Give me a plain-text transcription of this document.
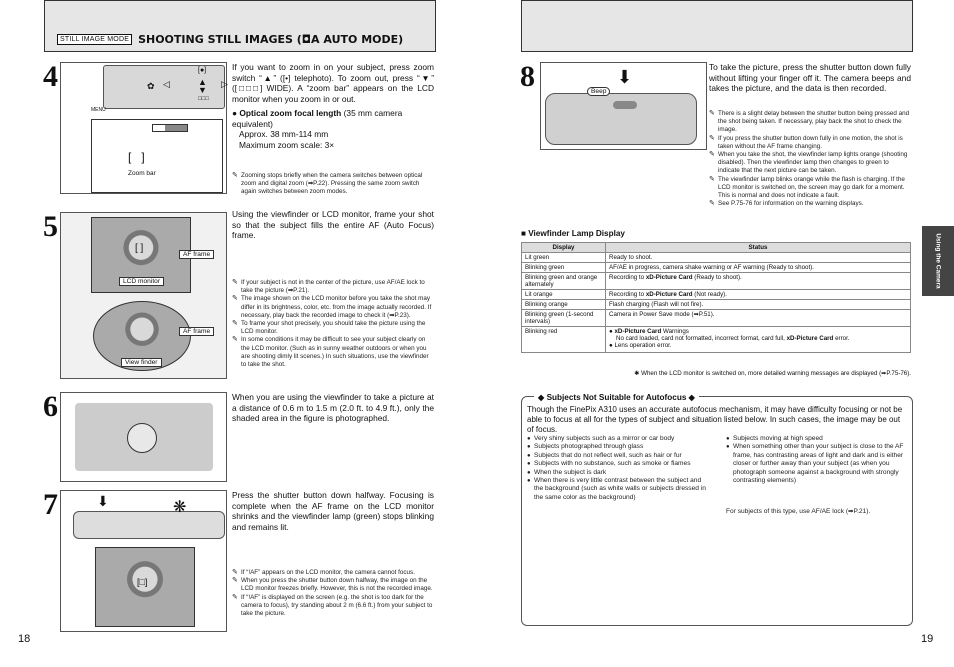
STILL IMAGE MODE SHOOTING STILL IMAGES (◘A AUTO MODE)
4	[●]
▲
▼
□□□
◁	▷
✿
MENU
[   ]
Zoom bar
If you want to zoom in on your subject, press zoom switch “▲” ([•] telephoto). To zoom out, press “▼” ([□□□] WIDE). A “zoom bar” appears on the LCD monitor when you zoom in or out.
● Optical zoom focal length (35 mm camera equivalent)
Approx. 38 mm-114 mm
Maximum zoom scale: 3×
✎ Zooming stops briefly when the camera switches between optical zoom and digital zoom (➡P.22). Pressing the same zoom switch again switches between zoom modes.
5
[ ]
AF frame
LCD monitor
AF frame
View finder
Using the viewfinder or LCD monitor, frame your shot so that the subject fills the entire AF (Auto Focus) frame.
✎ If your subject is not in the center of the picture, use AF/AE lock to take the picture (➡P.21).
✎ The image shown on the LCD monitor before you take the shot may differ in its brightness, color, etc. from the image actually recorded. If necessary, play back the recorded image to check it (➡P.23).
✎ To frame your shot precisely, you should take the picture using the LCD monitor.
✎ In some conditions it may be difficult to see your subject clearly on the LCD monitor. (Such as in sunny weather outdoors or when you are shooting dimly lit scenes.) In such situations, use the viewfinder to take the shot.
6	When you are using the viewfinder to take a picture at a distance of 0.6 m to 1.5 m (2.0 ft. to 4.9 ft.), only the shaded area in the figure is photographed.
7	⬇	❋
[□]
Press the shutter button down halfway. Focusing is complete when the AF frame on the LCD monitor shrinks and the viewfinder lamp (green) stops blinking and remains lit.
✎ If “!AF” appears on the LCD monitor, the camera cannot focus.
✎ When you press the shutter button down halfway, the image on the LCD monitor freezes briefly. However, this is not the recorded image.
✎ If “!AF” is displayed on the screen (e.g. the shot is too dark for the camera to focus), try standing about 2 m (6.6 ft.) from your subject to take the picture.
18
8	⬇
Beep
To take the picture, press the shutter button down fully without lifting your finger off it. The camera beeps and takes the picture, and the data is then recorded.
✎ There is a slight delay between the shutter button being pressed and the shot being taken. If necessary, play back the shot to check the image.
✎ If you press the shutter button down fully in one motion, the shot is taken without the AF frame changing.
✎ When you take the shot, the viewfinder lamp lights orange (shooting disabled). Then the viewfinder lamp then changes to green to indicate that the next picture can be taken.
✎ The viewfinder lamp blinks orange while the flash is charging. If the LCD monitor is switched on, the screen may go dark for a moment. This is normal and does not indicate a fault.
✎ See P.75-76 for information on the warning displays.
■ Viewfinder Lamp Display
Display	Status
Lit green	Ready to shoot.
Blinking green	AF/AE in progress, camera shake warning or AF warning (Ready to shoot).
Blinking green and orange alternately	Recording to xD-Picture Card (Ready to shoot).
Lit orange	Recording to xD-Picture Card (Not ready).
Blinking orange	Flash charging (Flash will not fire).
Blinking green (1-second intervals)	Camera in Power Save mode (➡P.51).
Blinking red	● xD-Picture Card Warnings
No card loaded, card not formatted, incorrect format, card full, xD-Picture Card error.
● Lens operation error.
✱ When the LCD monitor is switched on, more detailed warning messages are displayed (➡P.75-76).
◆ Subjects Not Suitable for Autofocus ◆
Though the FinePix A310 uses an accurate autofocus mechanism, it may have difficulty focusing or not be able to focus at all for the types of subject and situation listed below. In such cases, the image may be out of focus.
● Very shiny subjects such as a mirror or car body
● Subjects photographed through glass
● Subjects that do not reflect well, such as hair or fur
● Subjects with no substance, such as smoke or flames
● When the subject is dark
● When there is very little contrast between the subject and the background (such as white walls or subjects dressed in the same color as the background)
● Subjects moving at high speed
● When something other than your subject is close to the AF frame, has contrasting areas of light and dark and is either closer or further away than your subject (as when you photograph someone against a background with strongly contrasting elements)
For subjects of this type, use AF/AE lock (➡P.21).
Using the Camera
19
